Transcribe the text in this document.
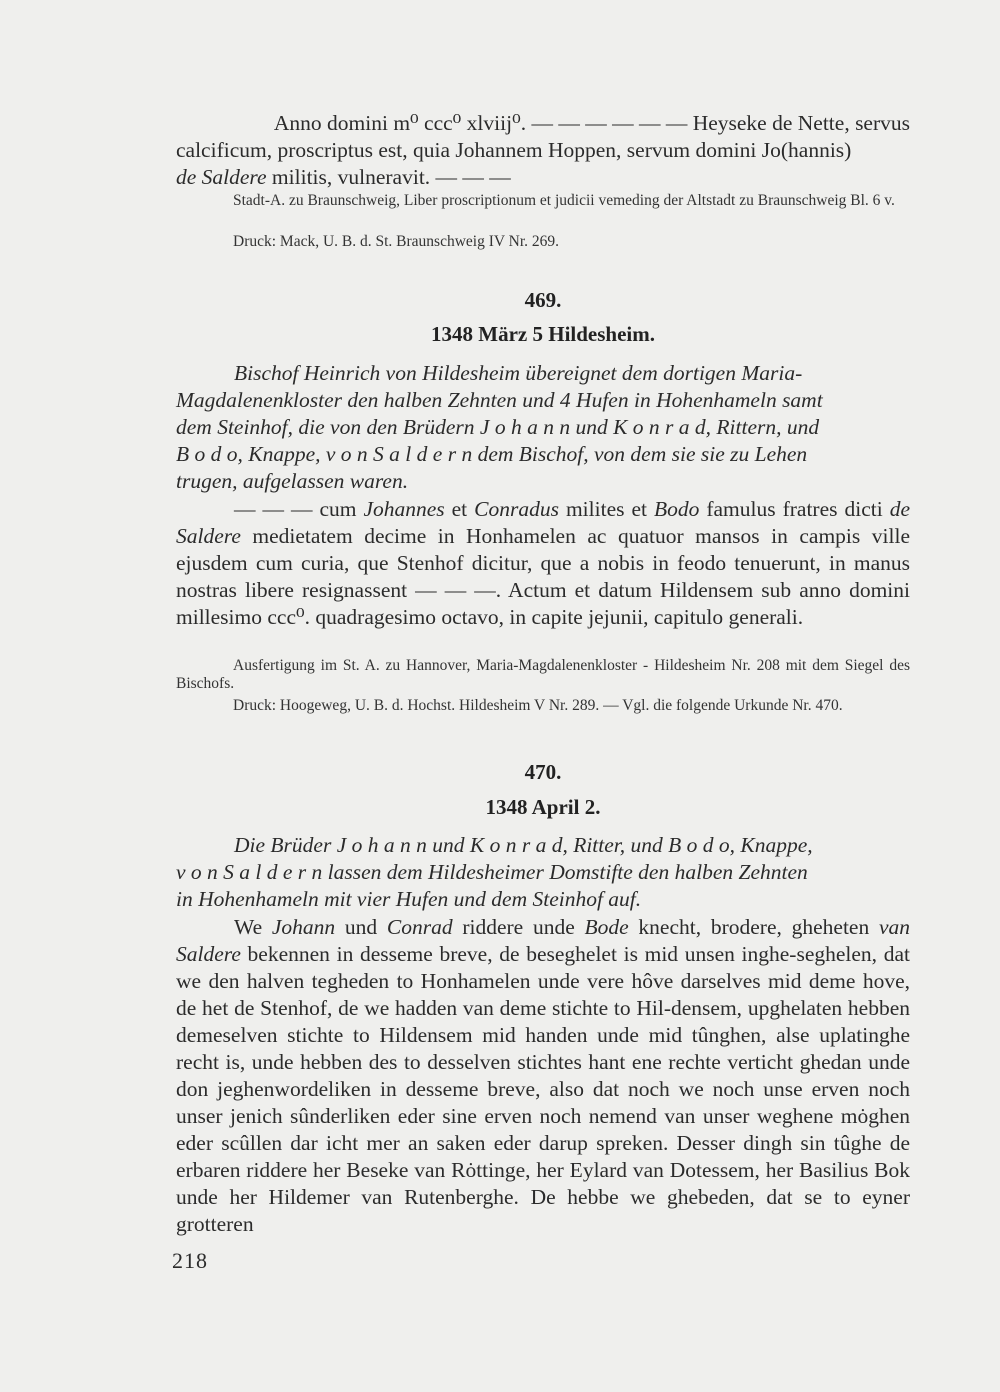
Anno domini m⁰ ccc⁰ xlviij⁰. — — — — — — Heyseke de Nette, servus
calcificum, proscriptus est, quia Johannem Hoppen, servum domini Jo(hannis)
de Saldere militis, vulneravit. — — —
Stadt-A. zu Braunschweig, Liber proscriptionum et judicii vemeding der Altstadt zu Braunschweig Bl. 6 v.
Druck: Mack, U. B. d. St. Braunschweig IV Nr. 269.
469.
1348 März 5 Hildesheim.
Bischof Heinrich von Hildesheim übereignet dem dortigen Maria-
Magdalenenkloster den halben Zehnten und 4 Hufen in Hohenhameln samt
dem Steinhof, die von den Brüdern J o h a n n und K o n r a d, Rittern, und
B o d o, Knappe, v o n S a l d e r n dem Bischof, von dem sie sie zu Lehen
trugen, aufgelassen waren.
— — — cum Johannes et Conradus milites et Bodo famulus fratres dicti de Saldere medietatem decime in Honhamelen ac quatuor mansos in campis ville ejusdem cum curia, que Stenhof dicitur, que a nobis in feodo tenuerunt, in manus nostras libere resignassent — — —. Actum et datum Hildensem sub anno domini millesimo ccc⁰. quadragesimo octavo, in capite jejunii, capitulo generali.
Ausfertigung im St. A. zu Hannover, Maria-Magdalenenkloster - Hildesheim Nr. 208 mit dem Siegel des Bischofs.
Druck: Hoogeweg, U. B. d. Hochst. Hildesheim V Nr. 289. — Vgl. die folgende Urkunde Nr. 470.
470.
1348 April 2.
Die Brüder J o h a n n und K o n r a d, Ritter, und B o d o, Knappe,
v o n S a l d e r n lassen dem Hildesheimer Domstifte den halben Zehnten
in Hohenhameln mit vier Hufen und dem Steinhof auf.
We Johann und Conrad riddere unde Bode knecht, brodere, gheheten van Saldere bekennen in desseme breve, de beseghelet is mid unsen inghe-seghelen, dat we den halven tegheden to Honhamelen unde vere hôve darselves mid deme hove, de het de Stenhof, de we hadden van deme stichte to Hil-densem, upghelaten hebben demeselven stichte to Hildensem mid handen unde mid tûnghen, alse uplatinghe recht is, unde hebben des to desselven stichtes hant ene rechte verticht ghedan unde don jeghenwordeliken in desseme breve, also dat noch we noch unse erven noch unser jenich sûnderliken eder sine erven noch nemend van unser weghene mȯghen eder scûllen dar icht mer an saken eder darup spreken. Desser dingh sin tûghe de erbaren riddere her Beseke van Rȯttinge, her Eylard van Dotessem, her Basilius Bok unde her Hildemer van Rutenberghe. De hebbe we ghebeden, dat se to eyner grotteren
218
